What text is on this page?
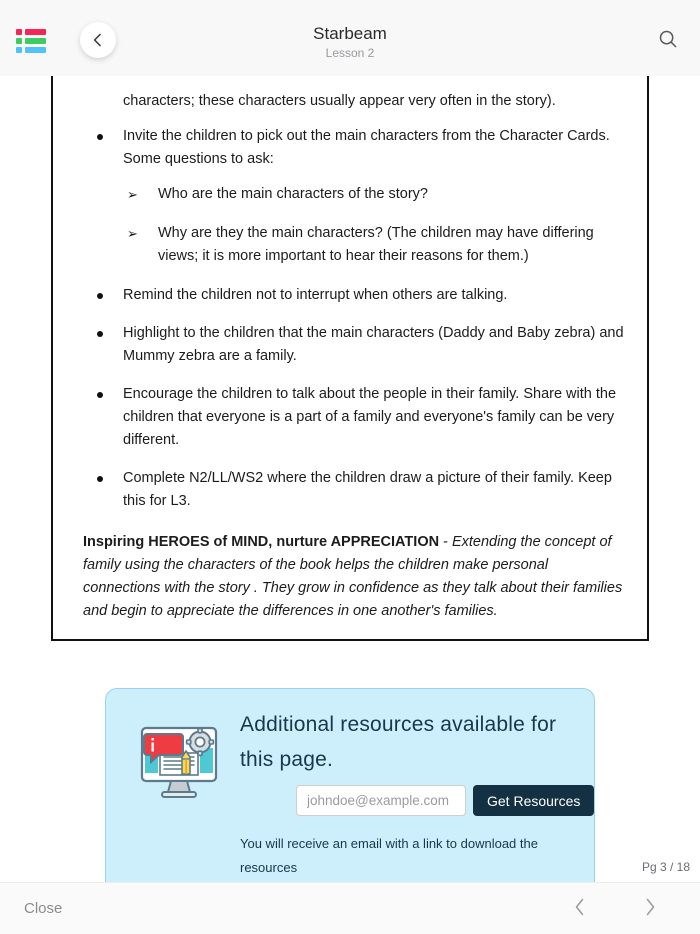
Starbeam
Lesson 2

characters; these characters usually appear very often in the story).

Invite the children to pick out the main characters from the Character Cards. Some questions to ask:
➢ Who are the main characters of the story?
➢ Why are they the main characters? (The children may have differing views; it is more important to hear their reasons for them.)
Remind the children not to interrupt when others are talking.
Highlight to the children that the main characters (Daddy and Baby zebra) and Mummy zebra are a family.
Encourage the children to talk about the people in their family. Share with the children that everyone is a part of a family and everyone's family can be very different.
Complete N2/LL/WS2 where the children draw a picture of their family. Keep this for L3.

Inspiring HEROES of MIND, nurture APPRECIATION - Extending the concept of family using the characters of the book helps the children make personal connections with the story . They grow in confidence as they talk about their families and begin to appreciate the differences in one another's families.

Additional resources available for this page.
johndoe@example.com
Get Resources
You will receive an email with a link to download the resources	Pg 3 / 18
Close
